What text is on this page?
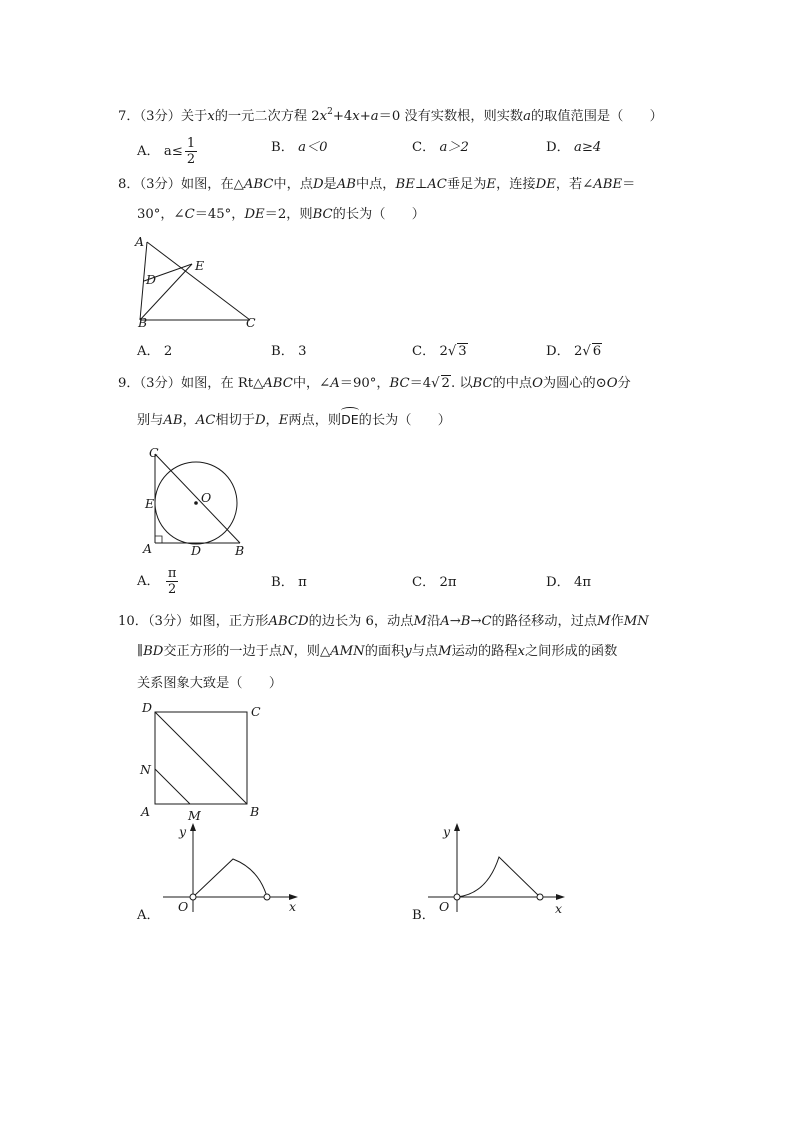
7．（3分）关于x的一元二次方程 $2x^2+4x+a=0$ 没有实数根，则实数a的取值范围是（　　）
A． $a\le \frac{1}{2}$	B． a＜0	C． a＞2	D． a≥4
8．（3分）如图，在△ABC中，点D是AB中点，BE⊥AC垂足为E，连接DE，若∠ABE＝
30°，∠C＝45°，DE＝2，则BC的长为（　　）
A
E
D
B	C
A． 2	B． 3	C． 2√ 3	D． 2√ 6
9．（3分）如图，在 Rt△ABC中，∠A＝90°，BC＝4√ 2. 以BC的中点O为圆心的⊙O分
别与AB，AC相切于D，E两点，则DE的长为（　　）
C
E	O
A	D	B
A． $\frac{\pi}{2}$	B． π	C． 2π	D． 4π
10．（3分）如图，正方形ABCD的边长为 6，动点M沿A→B→C的路径移动，过点M作MN
∥BD交正方形的一边于点N，则△AMN的面积y与点M运动的路程x之间形成的函数
关系图象大致是（　　）
D	C
N
A	M	B
y
O	x
A．
y
O	x
B．
